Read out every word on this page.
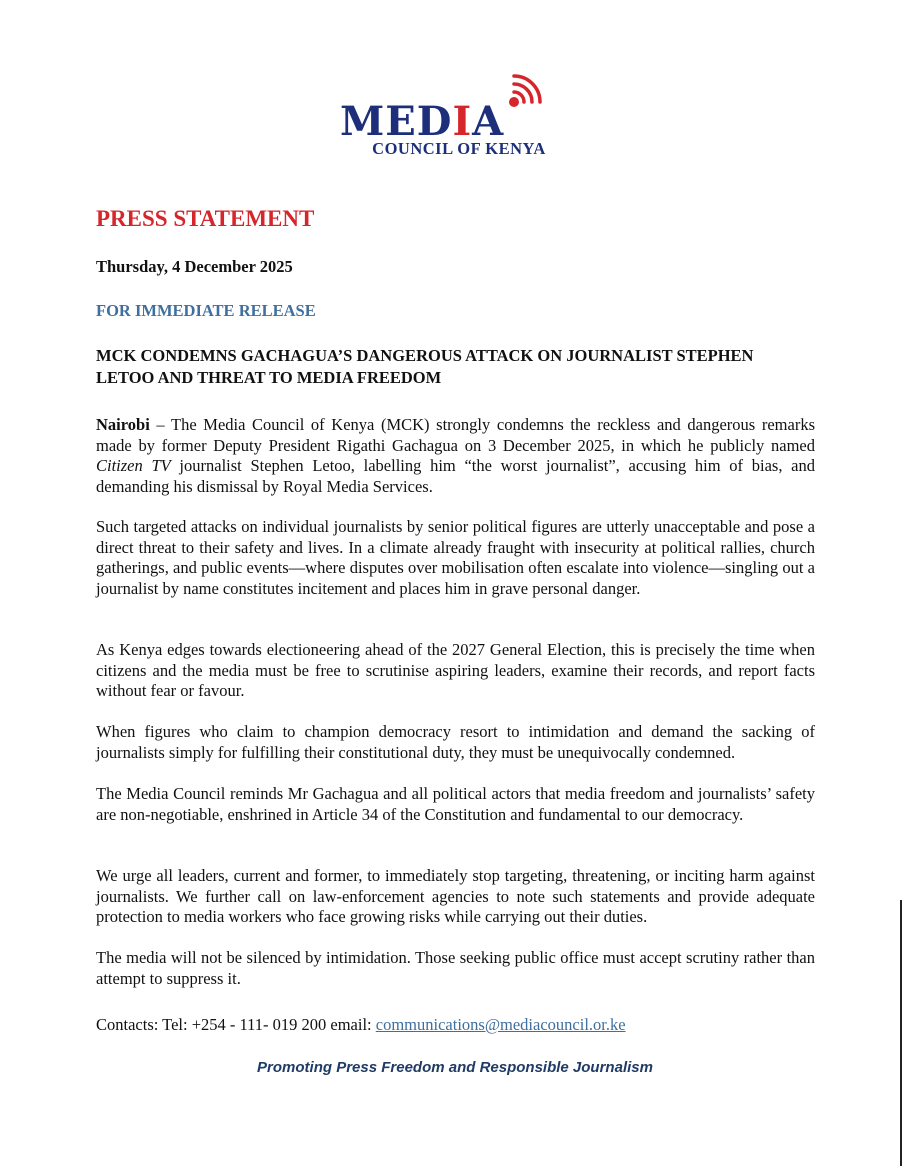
MEDIA
COUNCIL OF KENYA
PRESS STATEMENT

Thursday, 4 December 2025

FOR IMMEDIATE RELEASE

MCK CONDEMNS GACHAGUA’S DANGEROUS ATTACK ON JOURNALIST STEPHEN LETOO AND THREAT TO MEDIA FREEDOM

Nairobi – The Media Council of Kenya (MCK) strongly condemns the reckless and dangerous remarks made by former Deputy President Rigathi Gachagua on 3 December 2025, in which he publicly named Citizen TV journalist Stephen Letoo, labelling him “the worst journalist”, accusing him of bias, and demanding his dismissal by Royal Media Services.

Such targeted attacks on individual journalists by senior political figures are utterly unacceptable and pose a direct threat to their safety and lives. In a climate already fraught with insecurity at political rallies, church gatherings, and public events—where disputes over mobilisation often escalate into violence—singling out a journalist by name constitutes incitement and places him in grave personal danger.

As Kenya edges towards electioneering ahead of the 2027 General Election, this is precisely the time when citizens and the media must be free to scrutinise aspiring leaders, examine their records, and report facts without fear or favour.

When figures who claim to champion democracy resort to intimidation and demand the sacking of journalists simply for fulfilling their constitutional duty, they must be unequivocally condemned.

The Media Council reminds Mr Gachagua and all political actors that media freedom and journalists’ safety are non-negotiable, enshrined in Article 34 of the Constitution and fundamental to our democracy.

We urge all leaders, current and former, to immediately stop targeting, threatening, or inciting harm against journalists. We further call on law-enforcement agencies to note such statements and provide adequate protection to media workers who face growing risks while carrying out their duties.

The media will not be silenced by intimidation. Those seeking public office must accept scrutiny rather than attempt to suppress it.

Contacts: Tel: +254 - 111- 019 200 email: communications@mediacouncil.or.ke

Promoting Press Freedom and Responsible Journalism
